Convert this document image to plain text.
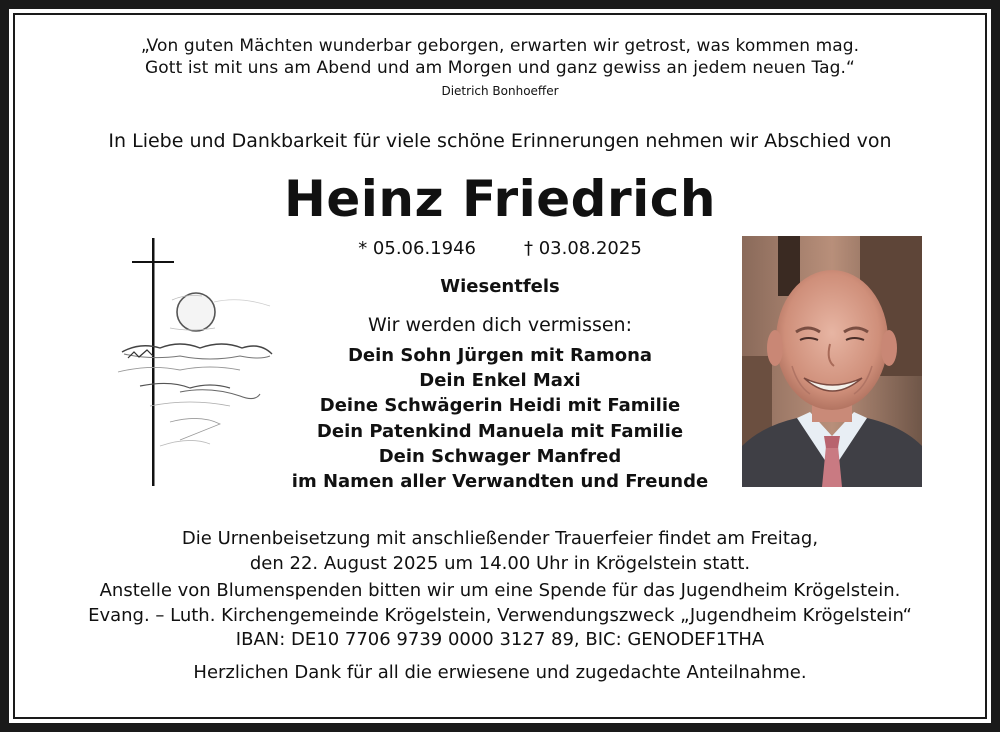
„Von guten Mächten wunderbar geborgen, erwarten wir getrost, was kommen mag.
Gott ist mit uns am Abend und am Morgen und ganz gewiss an jedem neuen Tag.“
Dietrich Bonhoeffer
In Liebe und Dankbarkeit für viele schöne Erinnerungen nehmen wir Abschied von
Heinz Friedrich
* 05.06.1946	† 03.08.2025
Wiesentfels
Wir werden dich vermissen:
Dein Sohn Jürgen mit Ramona
Dein Enkel Maxi
Deine Schwägerin Heidi mit Familie
Dein Patenkind Manuela mit Familie
Dein Schwager Manfred
im Namen aller Verwandten und Freunde
Die Urnenbeisetzung mit anschließender Trauerfeier findet am Freitag,
den 22. August 2025 um 14.00 Uhr in Krögelstein statt.
Anstelle von Blumenspenden bitten wir um eine Spende für das Jugendheim Krögelstein.
Evang. – Luth. Kirchengemeinde Krögelstein, Verwendungszweck „Jugendheim Krögelstein“
IBAN: DE10 7706 9739 0000 3127 89, BIC: GENODEF1THA
Herzlichen Dank für all die erwiesene und zugedachte Anteilnahme.
